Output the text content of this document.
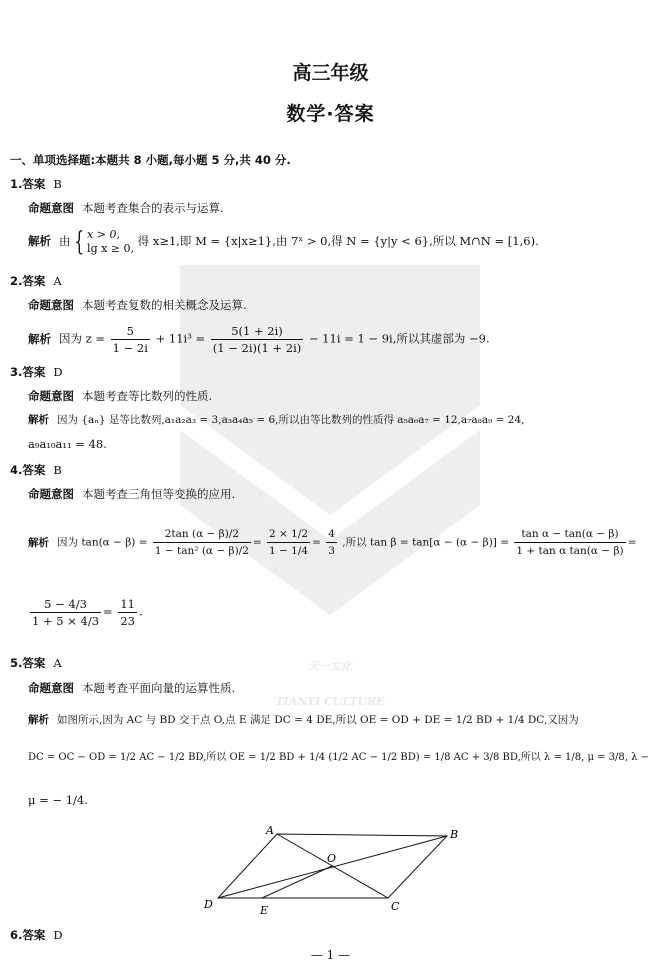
天一文化
TIANYI CULTURE
高三年级
数学·答案
一、单项选择题:本题共 8 小题,每小题 5 分,共 40 分.
1.答案 B
命题意图 本题考查集合的表示与运算.
解析 由 { x > 0,
lg x ≥ 0, 得 x≥1,即 M = {x|x≥1},由 7ˣ > 0,得 N = {y|y < 6},所以 M∩N = [1,6).
2.答案 A
命题意图 本题考查复数的相关概念及运算.
解析 因为 $z = \frac{5}{1 - 2i} + 11i^3 = \frac{5(1 + 2i)}{(1 - 2i)(1 + 2i)} - 11i = 1 - 9i$,所以其虚部为 −9.
3.答案 D
命题意图 本题考查等比数列的性质.
解析 因为 {aₙ} 是等比数列,a₁a₂a₃ = 3,a₃a₄a₅ = 6,所以由等比数列的性质得 a₅a₆a₇ = 12,a₇a₈a₉ = 24,
a₉a₁₀a₁₁ = 48.
4.答案 B
命题意图 本题考查三角恒等变换的应用.
解析 因为 $\tan(\alpha - \beta) = \frac{2\tan (\alpha - \beta)/2}{\text{1 − tan² (α − β)/2}} = \frac{2 \times 1/2}{1 - 1/4} = \frac{4}{3}$ ,所以 $\tan \beta = \tan[\alpha - (\alpha - \beta)] = \frac{\text{tan α − tan(α − β)}}{\text{1 + tan α tan(α − β)}}$ =
$\frac{5 - 4/3}{1 + 5 \times 4/3} = \frac{11}{23}$ .
5.答案 A
命题意图 本题考查平面向量的运算性质.
解析 如图所示,因为 AC 与 BD 交于点 O,点 E 满足 DC = 4 DE,所以 OE = OD + DE = 1/2 BD + 1/4 DC,又因为
DC = OC − OD = 1/2 AC − 1/2 BD,所以 OE = 1/2 BD + 1/4 (1/2 AC − 1/2 BD) = 1/8 AC + 3/8 BD,所以 λ = 1/8, μ = 3/8, λ −
μ = − 1/4.
A	B
C
D
O
E
6.答案 D
— 1 —
